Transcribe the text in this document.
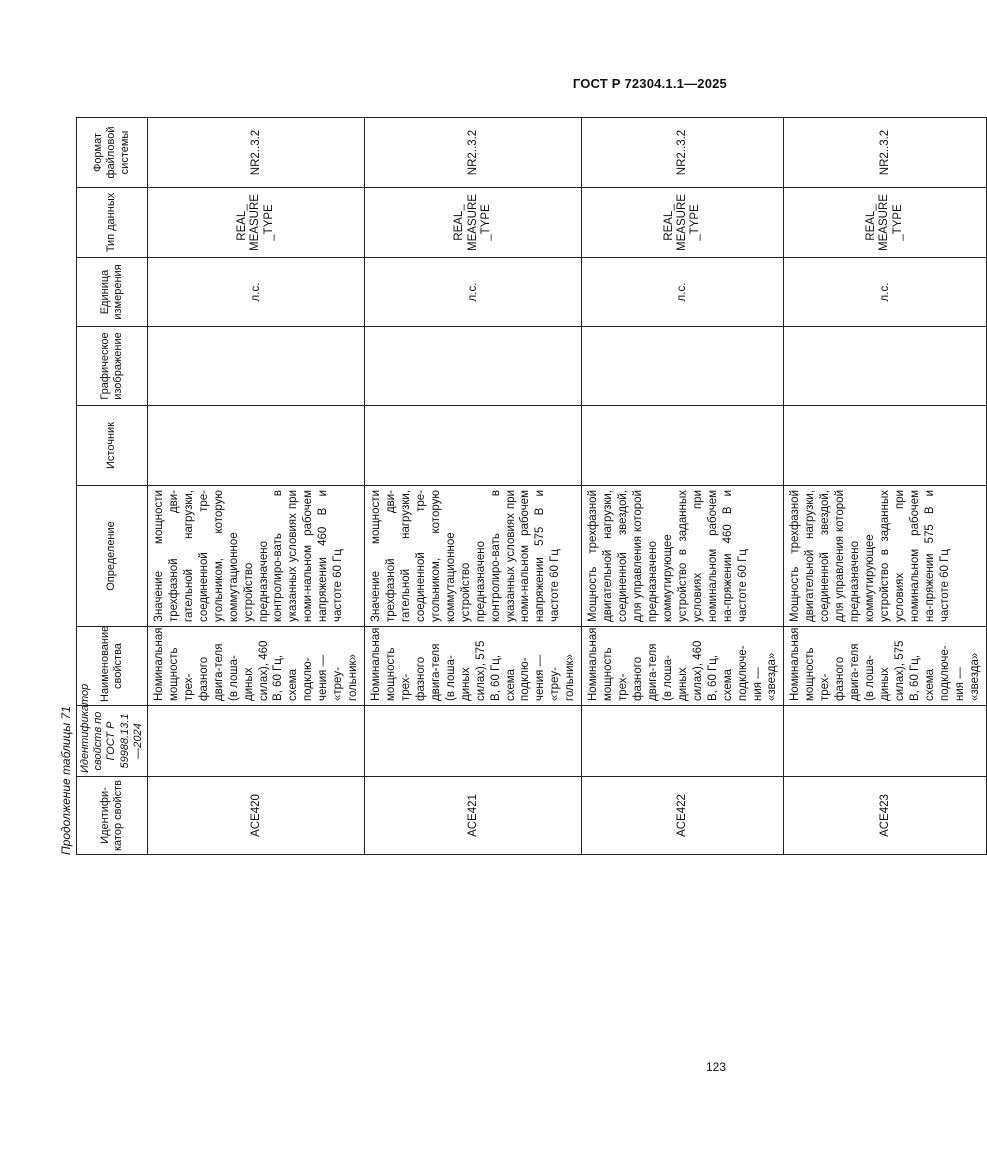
ГОСТ Р 72304.1.1—2025
Продолжение таблицы 71 Идентифи-катор свойств	Идентификатор свойств по ГОСТ Р 59988.13.1—2024	Наименование свойства	Определение	Источник	Графическое изображение	Единица измерения	Тип данных	Формат файловой системы
ACE420		Номинальная мощность трех-фазного двига-теля (в лоша-диных силах), 460 В, 60 Гц, схема подклю-чения — «треу-гольник»	Значение мощности трехфазной дви-гательной нагрузки, соединенной тре-угольником, которую коммутационное устройство предназначено контролиро-вать в указанных условиях при номи-нальном рабочем напряжении 460 В и частоте 60 Гц			л.с.	REAL_ MEASURE _TYPE	NR2..3.2
ACE421		Номинальная мощность трех-фазного двига-теля (в лоша-диных силах), 575 В, 60 Гц, схема подклю-чения — «треу-гольник»	Значение мощности трехфазной дви-гательной нагрузки, соединенной тре-угольником, которую коммутационное устройство предназначено контролиро-вать в указанных условиях при номи-нальном рабочем напряжении 575 В и частоте 60 Гц			л.с.	REAL_ MEASURE _TYPE	NR2..3.2
ACE422		Номинальная мощность трех-фазного двига-теля (в лоша-диных силах), 460 В, 60 Гц, схема подключе-ния — «звезда»	Мощность трехфазной двигательной нагрузки, соединенной звездой, для управления которой предназначено коммутирующее устройство в заданных условиях при номинальном рабочем на-пряжении 460 В и частоте 60 Гц			л.с.	REAL_ MEASURE _TYPE	NR2..3.2
ACE423		Номинальная мощность трех-фазного двига-теля (в лоша-диных силах), 575 В, 60 Гц, схема подключе-ния — «звезда»	Мощность трехфазной двигательной нагрузки, соединенной звездой, для управления которой предназначено коммутирующее устройство в заданных условиях при номинальном рабочем на-пряжении 575 В и частоте 60 Гц			л.с.	REAL_ MEASURE _TYPE	NR2..3.2
123
